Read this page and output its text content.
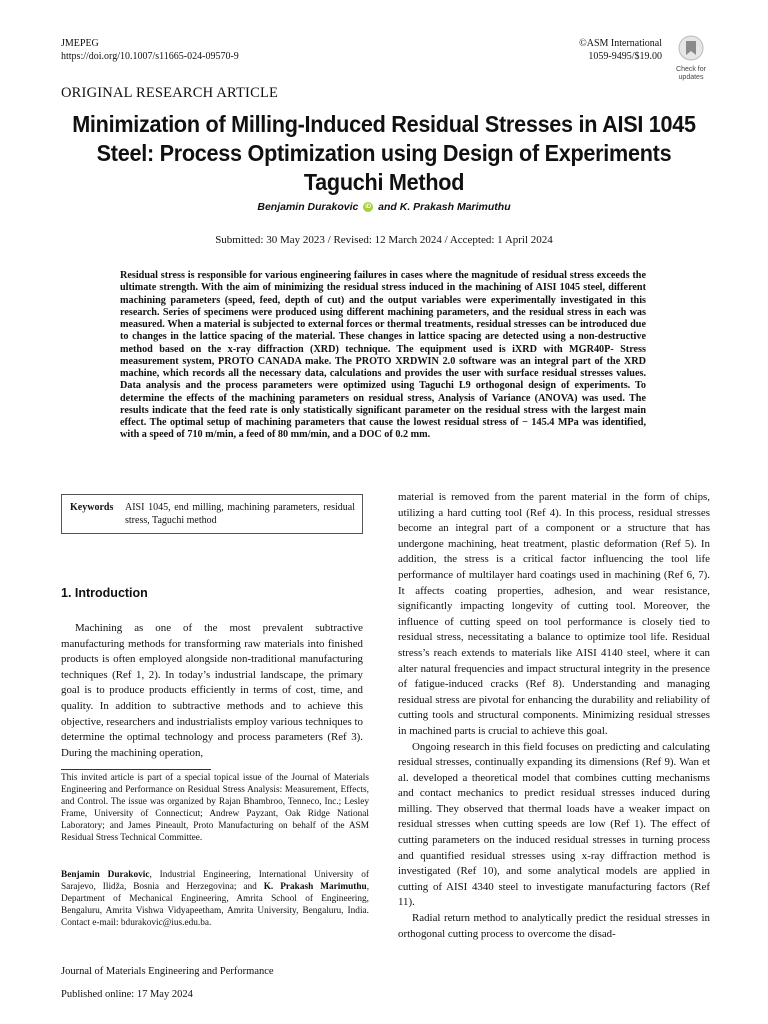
JMEPEG
https://doi.org/10.1007/s11665-024-09570-9
©ASM International
1059-9495/$19.00
Check for
updates
ORIGINAL RESEARCH ARTICLE
Minimization of Milling-Induced Residual Stresses in AISI 1045 Steel: Process Optimization using Design of Experiments Taguchi Method
Benjamin Durakovic iD and K. Prakash Marimuthu
Submitted: 30 May 2023 / Revised: 12 March 2024 / Accepted: 1 April 2024
Residual stress is responsible for various engineering failures in cases where the magnitude of residual stress exceeds the ultimate strength. With the aim of minimizing the residual stress induced in the machining of AISI 1045 steel, different machining parameters (speed, feed, depth of cut) and the output variables were experimentally investigated in this research. Series of specimens were produced using different machining parameters, and the residual stress in each was measured. When a material is subjected to external forces or thermal treatments, residual stresses can be introduced due to changes in the lattice spacing of the material. These changes in lattice spacing are detected using a non-destructive method based on the x-ray diffraction (XRD) technique. The equipment used is iXRD with MGR40P- Stress measurement system, PROTO CANADA make. The PROTO XRDWIN 2.0 software was an integral part of the XRD machine, which records all the necessary data, calculations and provides the user with surface residual stresses values. Data analysis and the process parameters were optimized using Taguchi L9 orthogonal design of experiments. To determine the effects of the machining parameters on residual stress, Analysis of Variance (ANOVA) was used. The results indicate that the feed rate is only statistically significant parameter on the residual stress with the largest main effect. The optimal setup of machining parameters that cause the lowest residual stress of − 145.4 MPa was identified, with a speed of 710 m/min, a feed of 80 mm/min, and a DOC of 0.2 mm.
Keywords AISI 1045, end milling, machining parameters, residual stress, Taguchi method
1. Introduction

Machining as one of the most prevalent subtractive manufacturing methods for transforming raw materials into finished products is often employed alongside non-traditional manufacturing techniques (Ref 1, 2). In today’s industrial landscape, the primary goal is to produce products efficiently in terms of cost, time, and quality. In addition to subtractive methods and to achieve this objective, researchers and industrialists employ various techniques to determine the optimal technology and process parameters (Ref 3). During the machining operation,

This invited article is part of a special topical issue of the Journal of Materials Engineering and Performance on Residual Stress Analysis: Measurement, Effects, and Control. The issue was organized by Rajan Bhambroo, Tenneco, Inc.; Lesley Frame, University of Connecticut; Andrew Payzant, Oak Ridge National Laboratory; and James Pineault, Proto Manufacturing on behalf of the ASM Residual Stress Technical Committee.
Benjamin Durakovic, Industrial Engineering, International University of Sarajevo, Ilidža, Bosnia and Herzegovina; and K. Prakash Marimuthu, Department of Mechanical Engineering, Amrita School of Engineering, Bengaluru, Amrita Vishwa Vidyapeetham, Amrita University, Bengaluru, India. Contact e-mail: bdurakovic@ius.edu.ba.

material is removed from the parent material in the form of chips, utilizing a hard cutting tool (Ref 4). In this process, residual stresses become an integral part of a component or a structure that has undergone machining, heat treatment, plastic deformation (Ref 5). In addition, the stress is a critical factor influencing the tool life performance of multilayer hard coatings used in machining (Ref 6, 7). It affects coating properties, adhesion, and wear resistance, significantly impacting longevity of cutting tool. Moreover, the influence of cutting speed on tool performance is closely tied to residual stress, necessitating a balance to optimize tool life. Residual stress’s reach extends to materials like AISI 4140 steel, where it can alter natural frequencies and impact structural integrity in the presence of fatigue-induced cracks (Ref 8). Understanding and managing residual stress are pivotal for enhancing the durability and reliability of cutting tools and structural components. Minimizing residual stresses in machined parts is crucial to achieve this goal.

Ongoing research in this field focuses on predicting and calculating residual stresses, continually expanding its dimensions (Ref 9). Wan et al. developed a theoretical model that combines cutting mechanisms and contact mechanics to predict residual stresses induced during milling. They observed that thermal loads have a weaker impact on residual stresses when cutting speeds are low (Ref 1). The effect of cutting parameters on the induced residual stresses in turning process and quantified residual stresses using x-ray diffraction method is investigated (Ref 10), and some analytical models are applied in cutting of AISI 4340 steel to investigate manufacturing factors (Ref 11).

Radial return method to analytically predict the residual stresses in orthogonal cutting process to overcome the disad-

Journal of Materials Engineering and Performance
Published online: 17 May 2024
